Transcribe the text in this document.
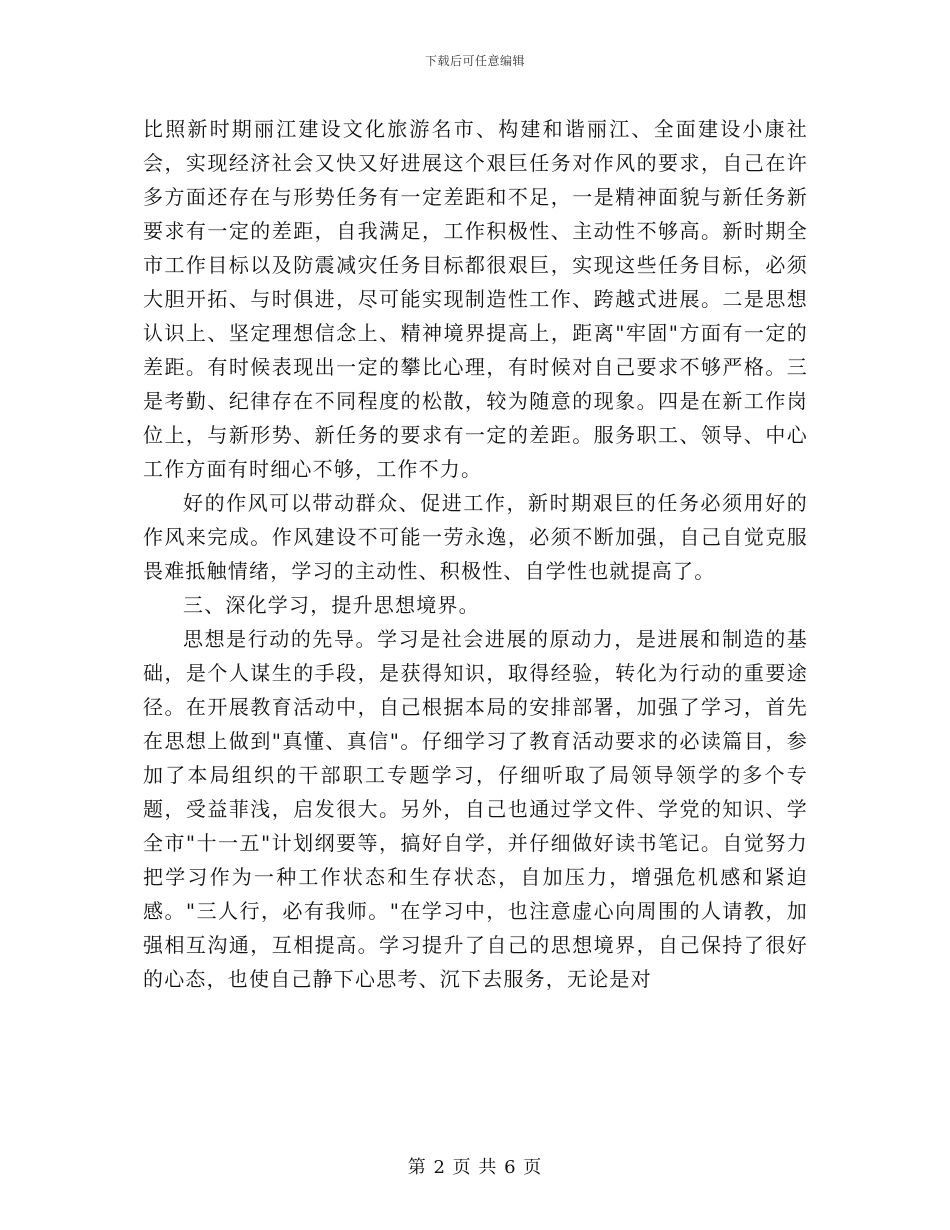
下载后可任意编辑

比照新时期丽江建设文化旅游名市、构建和谐丽江、全面建设小康社会，实现经济社会又快又好进展这个艰巨任务对作风的要求，自己在许多方面还存在与形势任务有一定差距和不足，一是精神面貌与新任务新要求有一定的差距，自我满足，工作积极性、主动性不够高。新时期全市工作目标以及防震减灾任务目标都很艰巨，实现这些任务目标，必须大胆开拓、与时俱进，尽可能实现制造性工作、跨越式进展。二是思想认识上、坚定理想信念上、精神境界提高上，距离"牢固"方面有一定的差距。有时候表现出一定的攀比心理，有时候对自己要求不够严格。三是考勤、纪律存在不同程度的松散，较为随意的现象。四是在新工作岗位上，与新形势、新任务的要求有一定的差距。服务职工、领导、中心工作方面有时细心不够，工作不力。

好的作风可以带动群众、促进工作，新时期艰巨的任务必须用好的作风来完成。作风建设不可能一劳永逸，必须不断加强，自己自觉克服畏难抵触情绪，学习的主动性、积极性、自学性也就提高了。

三、深化学习，提升思想境界。

思想是行动的先导。学习是社会进展的原动力，是进展和制造的基础，是个人谋生的手段，是获得知识，取得经验，转化为行动的重要途径。在开展教育活动中，自己根据本局的安排部署，加强了学习，首先在思想上做到"真懂、真信"。仔细学习了教育活动要求的必读篇目，参加了本局组织的干部职工专题学习，仔细听取了局领导领学的多个专题，受益菲浅，启发很大。另外，自己也通过学文件、学党的知识、学全市"十一五"计划纲要等，搞好自学，并仔细做好读书笔记。自觉努力把学习作为一种工作状态和生存状态，自加压力，增强危机感和紧迫感。"三人行，必有我师。"在学习中，也注意虚心向周围的人请教，加强相互沟通，互相提高。学习提升了自己的思想境界，自己保持了很好的心态，也使自己静下心思考、沉下去服务，无论是对

第 2 页 共 6 页
